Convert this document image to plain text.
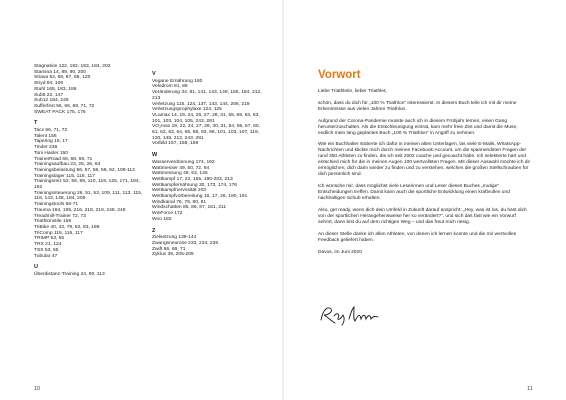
Stagnation 122, 182, 183, 184, 202
Stamina 14, 89, 90, 200
Strava 52, 66, 67, 68, 120
Stryd 94, 106
Stuhl 165, 183, 186
Sub5 22, 147
Sub12 184, 248
Sufferfest 56, 66, 69, 71, 72
SWEAT PACK 175, 176
T
Tacx 66, 71, 72
Talent 156
Tapering 16, 17
Tinder 238
Toni Hasler 150
TrainerRoad 66, 68, 69, 71
Trainingsaufbau 23, 25, 26, 63
Trainingsbelastung 56, 57, 58, 59, 92, 109-112
Trainingslager 115, 116, 117
Trainingsreiz 52, 59, 89, 110, 119, 125, 171, 184, 192
Trainingssteuerung 26, 51, 53, 109, 111, 113, 115, 118, 143, 148, 184, 205
Trainingstools 66-71
Trauma 194, 195, 216, 218, 219, 248, 249
Treadmill-Trainer 72, 73
Triathlonstile 159
TriBike 40, 43, 79, 82, 83, 198
TriComp 115, 116, 117
TRIMP 53, 55
TRX 21, 124
TSS 53, 55
Tubular 47
U
Überdistanz-Training 24, 90, 113
V
Vegane Ernährung 180
Velodrom 81, 86
Veränderung 34, 81, 141, 143, 149, 155, 184, 212, 213
Verletzung 115, 124, 137, 143, 144, 206, 219
Verletzungsprophylaxe 124, 125
VLamax 14, 19, 24, 26, 27, 28, 31, 55, 59, 63, 63, 101, 103, 104, 105, 243, 281
VO₂max 19, 22, 24, 27, 28, 30, 31, 54, 55, 57, 60, 61, 62, 63, 64, 65, 68, 93, 95, 101, 103, 107, 119, 120, 148, 212, 243, 281
Vorbild 157, 158, 159
W
Wasserverdünnung 174, 192
Wattmesser 49, 50, 72, 94
Wattmessung 49, 53, 146
Wettkampf 17, 22, 155, 190-203, 213
Wettkampfernährung 30, 173, 174, 176
Wettkampfnervosität 203
Wettkampfvorbereitung 16, 17, 26, 190, 191
Windkanal 76, 78, 80, 81
Windschatten 85, 86, 87, 161, 211
WinForce 172
Woo 192
Z
Zielsetzung 139-144
Zwangsneurose 233, 234, 235
Zwift 66, 69, 71
Zyklus 39, 205-209
10
Vorwort

Liebe Triathletin, lieber Triathlet,

schön, dass du dich für „100 % Triathlon“ interessierst. In diesem Buch teile ich mit dir meine Erkenntnisse aus vielen Jahren Triathlon.

Aufgrund der Corona-Pandemie musste auch ich in diesem Frühjahr lernen, einen Gang herunterzuschalten. Als die Entschleunigung eintrat, kam mehr freie Zeit und damit die Muse, endlich mein lang geplantes Buch „100 % Triathlon“ in Angriff zu nehmen.

Wie ein Buchhalter stöberte ich dafür in meinen alten Unterlagen, las viele E-Mails, WhatsApp-Nachrichten und klickte mich durch meinen Facebook-Account, um die spannendsten Fragen der rund 350 Athleten zu finden, die ich seit 2002 coache und gecoacht habe. Ich selektierte hart und entschied mich für die in meinen Augen 100 wertvollsten Fragen. Mit dieser Auswahl möchte ich dir ermöglichen, dich darin wieder zu finden und zu verstehen, welches die großen Stellschrauben für dich persönlich sind.

Ich wünsche mir, dass möglichst viele Leserinnen und Leser dieses Buches „mutige“ Entscheidungen treffen. Damit kann auch die sportliche Entwicklung einen kraftvollen und nachhaltigen Schub erhalten.

Also, get ready, wenn dich dein Umfeld in Zukunft darauf anspricht: „Hey, was ist los, du hast dich von der sportlichen Herangehensweise her so verändert?“, und sich das fast wie ein Vorwurf anhört, dann bist du auf dem richtigen Weg – und das freut mich riesig.

An dieser Stelle danke ich allen Athleten, von denen ich lernen konnte und die mir wertvolles Feedback geliefert haben.

Davos, im Juni 2020

11
